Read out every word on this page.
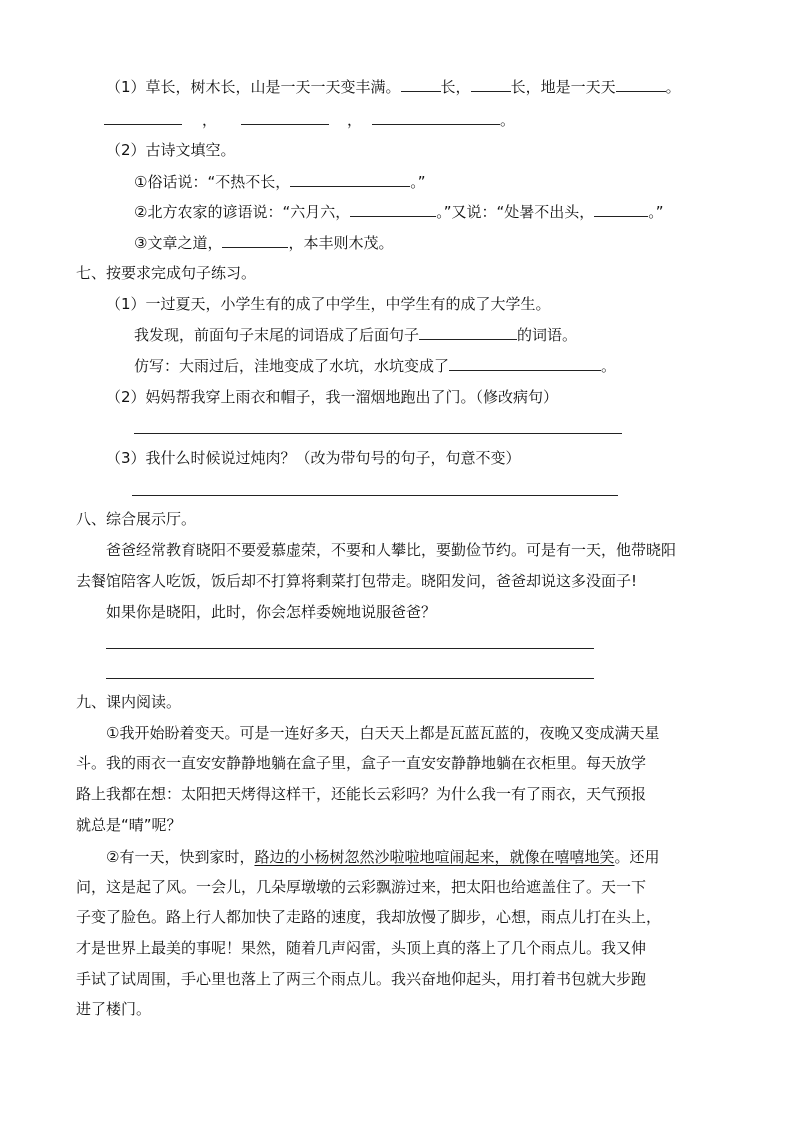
（1）草长，树木长，山是一天一天变丰满。	长，	长，地是一天天	。
，	，	。
（2）古诗文填空。
①俗话说：“不热不长，	。”
②北方农家的谚语说：“六月六，	。”又说：“处暑不出头，	。”
③文章之道，	，本丰则木茂。
七、按要求完成句子练习。
（1）一过夏天，小学生有的成了中学生，中学生有的成了大学生。
我发现，前面句子末尾的词语成了后面句子	的词语。
仿写：大雨过后，洼地变成了水坑，水坑变成了	。
（2）妈妈帮我穿上雨衣和帽子，我一溜烟地跑出了门。（修改病句）
（3）我什么时候说过炖肉？（改为带句号的句子，句意不变）
八、综合展示厅。
爸爸经常教育晓阳不要爱慕虚荣，不要和人攀比，要勤俭节约。可是有一天，他带晓阳
去餐馆陪客人吃饭，饭后却不打算将剩菜打包带走。晓阳发问，爸爸却说这多没面子!
如果你是晓阳，此时，你会怎样委婉地说服爸爸？
九、课内阅读。
①我开始盼着变天。可是一连好多天，白天天上都是瓦蓝瓦蓝的，夜晚又变成满天星
斗。我的雨衣一直安安静静地躺在盒子里，盒子一直安安静静地躺在衣柜里。每天放学
路上我都在想：太阳把天烤得这样干，还能长云彩吗？为什么我一有了雨衣，天气预报
就总是“晴”呢？
②有一天，快到家时，路边的小杨树忽然沙啦啦地喧闹起来，就像在嘻嘻地笑。还用
问，这是起了风。一会儿，几朵厚墩墩的云彩飘游过来，把太阳也给遮盖住了。天一下
子变了脸色。路上行人都加快了走路的速度，我却放慢了脚步，心想，雨点儿打在头上，
才是世界上最美的事呢！果然，随着几声闷雷，头顶上真的落上了几个雨点儿。我又伸
手试了试周围，手心里也落上了两三个雨点儿。我兴奋地仰起头，用打着书包就大步跑
进了楼门。
